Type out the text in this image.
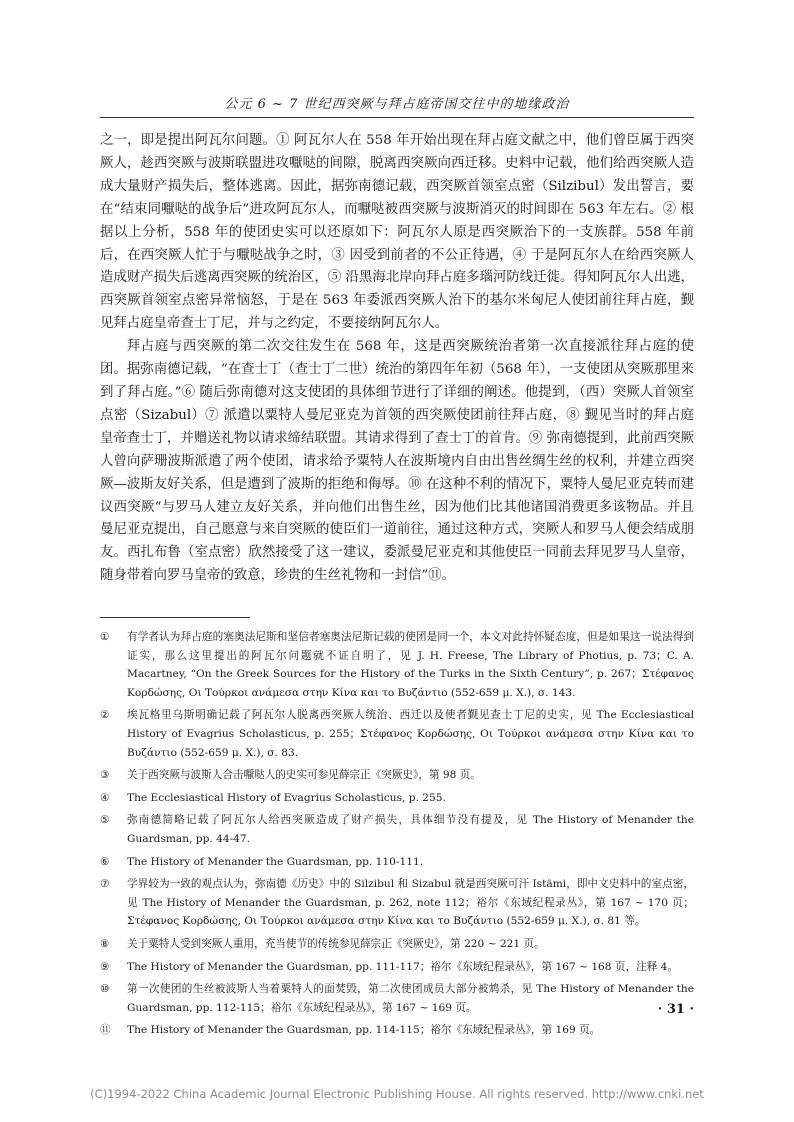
公元 6 ~ 7 世纪西突厥与拜占庭帝国交往中的地缘政治

之一，即是提出阿瓦尔问题。① 阿瓦尔人在 558 年开始出现在拜占庭文献之中，他们曾臣属于西突厥人，趁西突厥与波斯联盟进攻嚈哒的间隙，脱离西突厥向西迁移。史料中记载，他们给西突厥人造成大量财产损失后，整体逃离。因此，据弥南德记载，西突厥首领室点密（Silzibul）发出誓言，要在“结束同嚈哒的战争后”进攻阿瓦尔人，而嚈哒被西突厥与波斯消灭的时间即在 563 年左右。② 根据以上分析，558 年的使团史实可以还原如下：阿瓦尔人原是西突厥治下的一支族群。558 年前后，在西突厥人忙于与嚈哒战争之时，③ 因受到前者的不公正待遇，④ 于是阿瓦尔人在给西突厥人造成财产损失后逃离西突厥的统治区，⑤ 沿黑海北岸向拜占庭多瑙河防线迁徙。得知阿瓦尔人出逃，西突厥首领室点密异常恼怒，于是在 563 年委派西突厥人治下的基尔米匈尼人使团前往拜占庭，觐见拜占庭皇帝查士丁尼，并与之约定，不要接纳阿瓦尔人。

拜占庭与西突厥的第二次交往发生在 568 年，这是西突厥统治者第一次直接派往拜占庭的使团。据弥南德记载，“在查士丁（查士丁二世）统治的第四年年初（568 年），一支使团从突厥那里来到了拜占庭。”⑥ 随后弥南德对这支使团的具体细节进行了详细的阐述。他提到，（西）突厥人首领室点密（Sizabul）⑦ 派遣以粟特人曼尼亚克为首领的西突厥使团前往拜占庭，⑧ 觐见当时的拜占庭皇帝查士丁，并赠送礼物以请求缔结联盟。其请求得到了查士丁的首肯。⑨ 弥南德提到，此前西突厥人曾向萨珊波斯派遣了两个使团，请求给予粟特人在波斯境内自由出售丝绸生丝的权利，并建立西突厥—波斯友好关系，但是遭到了波斯的拒绝和侮辱。⑩ 在这种不利的情况下，粟特人曼尼亚克转而建议西突厥“与罗马人建立友好关系，并向他们出售生丝，因为他们比其他诸国消费更多该物品。并且曼尼亚克提出，自己愿意与来自突厥的使臣们一道前往，通过这种方式，突厥人和罗马人便会结成朋友。西扎布鲁（室点密）欣然接受了这一建议，委派曼尼亚克和其他使臣一同前去拜见罗马人皇帝，随身带着向罗马皇帝的致意，珍贵的生丝礼物和一封信”⑪。

①	有学者认为拜占庭的塞奥法尼斯和坚信者塞奥法尼斯记载的使团是同一个，本文对此持怀疑态度，但是如果这一说法得到证实，那么这里提出的阿瓦尔问题就不证自明了，见 J. H. Freese, The Library of Photius, p. 73；C. A. Macartney, “On the Greek Sources for the History of the Turks in the Sixth Century”, p. 267；Στέφανος Κορδώσης, Οι Τούρκοι ανάμεσα στην Κίνα και το Βυζάντιο (552-659 μ. Χ.), σ. 143.
②	埃瓦格里乌斯明确记载了阿瓦尔人脱离西突厥人统治、西迁以及使者觐见查士丁尼的史实，见 The Ecclesiastical History of Evagrius Scholasticus, p. 255；Στέφανος Κορδώσης, Οι Τούρκοι ανάμεσα στην Κίνα και το Βυζάντιο (552-659 μ. Χ.), σ. 83.
③	关于西突厥与波斯人合击嚈哒人的史实可参见薛宗正《突厥史》，第 98 页。
④	The Ecclesiastical History of Evagrius Scholasticus, p. 255.
⑤	弥南德简略记载了阿瓦尔人给西突厥造成了财产损失，具体细节没有提及，见 The History of Menander the Guardsman, pp. 44-47.
⑥	The History of Menander the Guardsman, pp. 110-111.
⑦	学界较为一致的观点认为，弥南德《历史》中的 Silzibul 和 Sizabul 就是西突厥可汗 Istämi，即中文史料中的室点密，见 The History of Menander the Guardsman, p. 262, note 112；裕尔《东域纪程录丛》，第 167 ~ 170 页；Στέφανος Κορδώσης, Οι Τούρκοι ανάμεσα στην Κίνα και το Βυζάντιο (552-659 μ. Χ.), σ. 81 等。
⑧	关于粟特人受到突厥人重用，充当使节的传统参见薛宗正《突厥史》，第 220 ~ 221 页。
⑨	The History of Menander the Guardsman, pp. 111-117；裕尔《东域纪程录丛》，第 167 ~ 168 页，注释 4。
⑩	第一次使团的生丝被波斯人当着粟特人的面焚毁，第二次使团成员大部分被鸩杀，见 The History of Menander the Guardsman, pp. 112-115；裕尔《东域纪程录丛》，第 167 ~ 169 页。
⑪	The History of Menander the Guardsman, pp. 114-115；裕尔《东域纪程录丛》，第 169 页。
· 31 ·
(C)1994-2022 China Academic Journal Electronic Publishing House. All rights reserved. http://www.cnki.net
